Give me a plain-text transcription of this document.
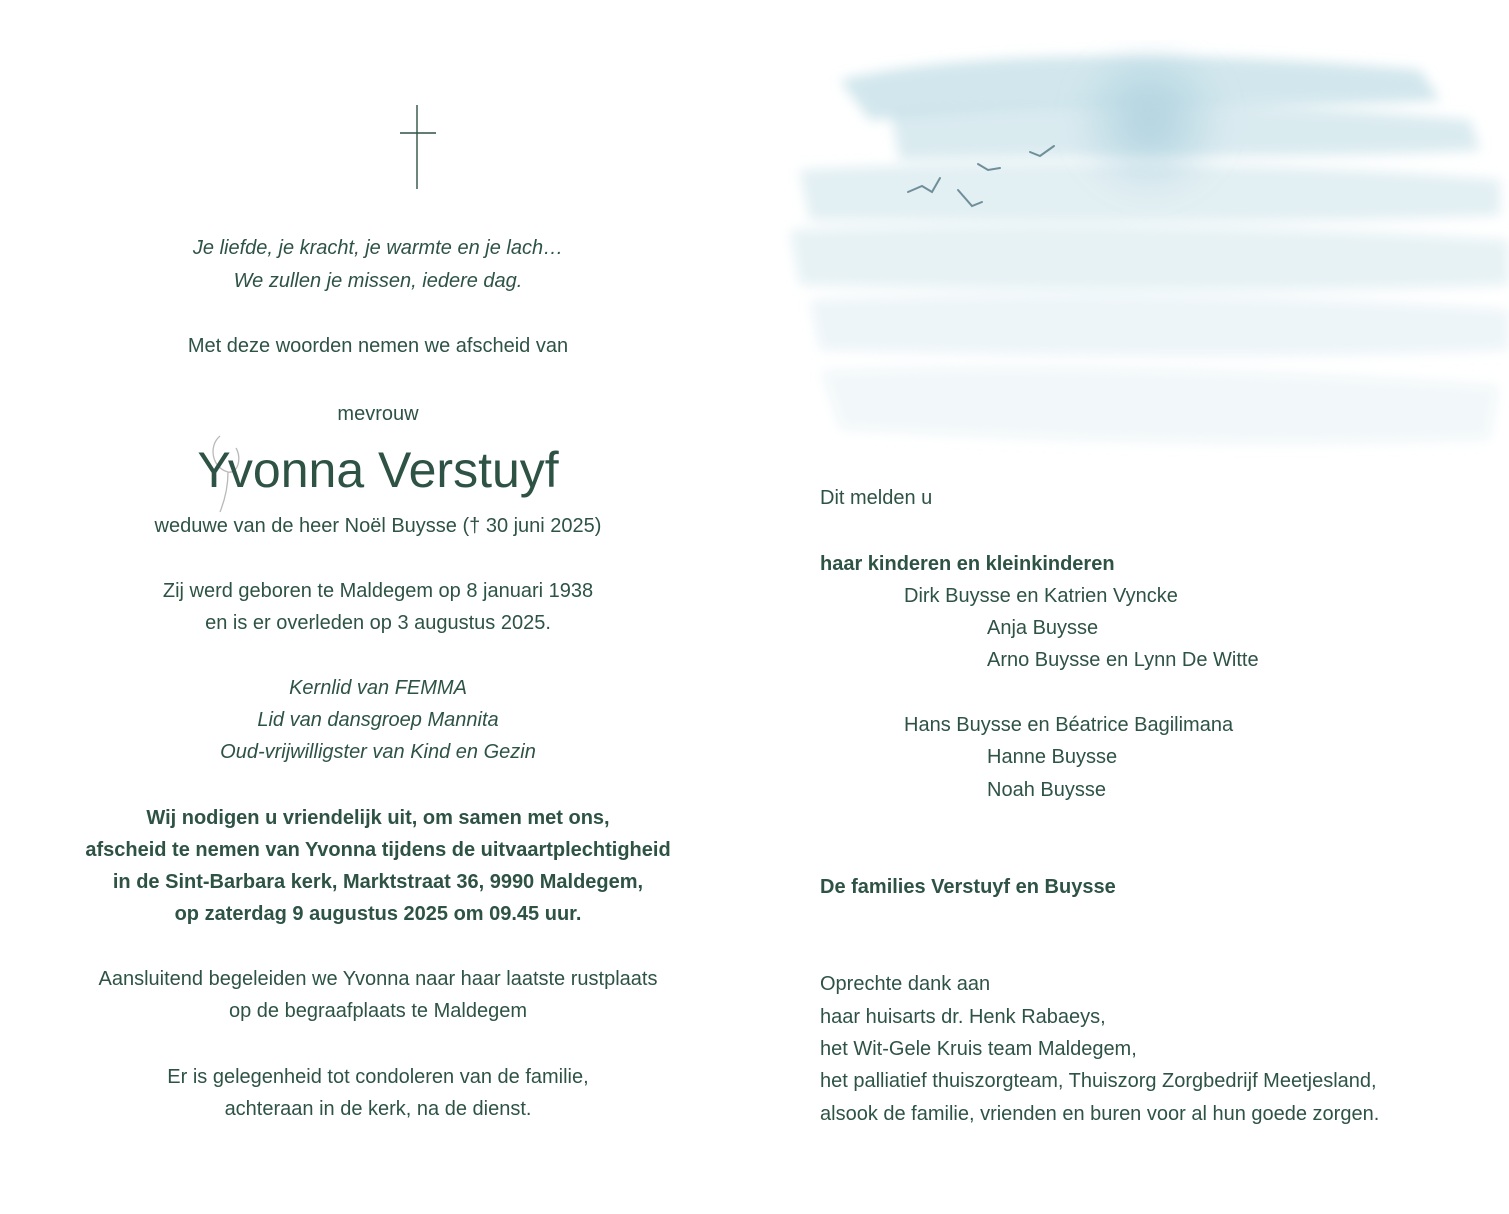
Je liefde, je kracht, je warmte en je lach…
We zullen je missen, iedere dag.
Met deze woorden nemen we afscheid van
mevrouw
Yvonna Verstuyf
weduwe van de heer Noël Buysse († 30 juni 2025)
Zij werd geboren te Maldegem op 8 januari 1938
en is er overleden op 3 augustus 2025.
Kernlid van FEMMA
Lid van dansgroep Mannita
Oud-vrijwilligster van Kind en Gezin
Wij nodigen u vriendelijk uit, om samen met ons,
afscheid te nemen van Yvonna tijdens de uitvaartplechtigheid
in de Sint-Barbara kerk, Marktstraat 36, 9990 Maldegem,
op zaterdag 9 augustus 2025 om 09.45 uur.
Aansluitend begeleiden we Yvonna naar haar laatste rustplaats
op de begraafplaats te Maldegem
Er is gelegenheid tot condoleren van de familie,
achteraan in de kerk, na de dienst.
Dit melden u
haar kinderen en kleinkinderen
Dirk Buysse en Katrien Vyncke
Anja Buysse
Arno Buysse en Lynn De Witte
Hans Buysse en Béatrice Bagilimana
Hanne Buysse
Noah Buysse
De families Verstuyf en Buysse
Oprechte dank aan
haar huisarts dr. Henk Rabaeys,
het Wit-Gele Kruis team Maldegem,
het palliatief thuiszorgteam, Thuiszorg Zorgbedrijf Meetjesland,
alsook de familie, vrienden en buren voor al hun goede zorgen.
